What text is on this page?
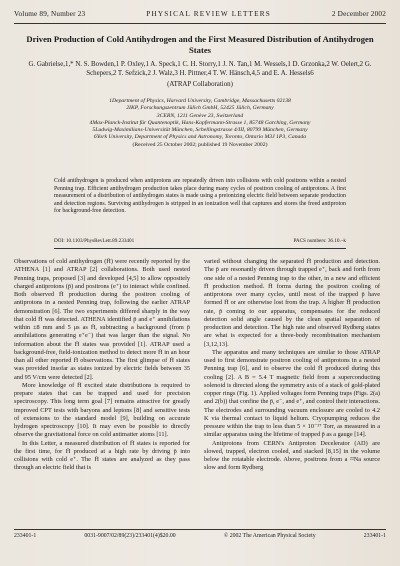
Volume 89, Number 23	PHYSICAL REVIEW LETTERS	2 December 2002
Driven Production of Cold Antihydrogen and the First Measured Distribution of Antihydrogen States
G. Gabrielse,1,* N. S. Bowden,1 P. Oxley,1 A. Speck,1 C. H. Storry,1 J. N. Tan,1 M. Wessels,1 D. Grzonka,2 W. Oelert,2 G. Schepers,2 T. Sefzick,2 J. Walz,3 H. Pittner,4 T. W. Hänsch,4,5 and E. A. Hessels6
(ATRAP Collaboration)
1Department of Physics, Harvard University, Cambridge, Massachusetts 02138
2IKP, Forschungszentrum Jülich GmbH, 52425 Jülich, Germany
3CERN, 1211 Genève 23, Switzerland
4Max-Planck-Institut für Quantenoptik, Hans-Kopfermann-Strasse 1, 85748 Garching, Germany
5Ludwig-Maximilians-Universität München, Schellingstrasse 4/III, 80799 München, Germany
6York University, Department of Physics and Astronomy, Toronto, Ontario M3J 1P3, Canada
(Received 25 October 2002; published 19 November 2002)
Cold antihydrogen is produced when antiprotons are repeatedly driven into collisions with cold positrons within a nested Penning trap. Efficient antihydrogen production takes place during many cycles of positron cooling of antiprotons. A first measurement of a distribution of antihydrogen states is made using a preionizing electric field between separate production and detection regions. Surviving antihydrogen is stripped in an ionization well that captures and stores the freed antiproton for background-free detection.
DOI: 10.1103/PhysRevLett.89.233401	PACS numbers: 36.10.–k

Observations of cold antihydrogen (H̄) were recently reported by the ATHENA [1] and ATRAP [2] collaborations. Both used nested Penning traps, proposed [3] and developed [4,5] to allow oppositely charged antiprotons (p̄) and positrons (e⁺) to interact while confined. Both observed H̄ production during the positron cooling of antiprotons in a nested Penning trap, following the earlier ATRAP demonstration [6]. The two experiments differed sharply in the way that cold H̄ was detected. ATHENA identified p̄ and e⁺ annihilations within ±8 mm and 5 μs as H̄, subtracting a background (from p̄ annihilations generating e⁺e⁻) that was larger than the signal. No information about the H̄ states was provided [1]. ATRAP used a background-free, field-ionization method to detect more H̄ in an hour than all other reported H̄ observations. The first glimpse of H̄ states was provided insofar as states ionized by electric fields between 35 and 95 V/cm were detected [2].

More knowledge of H̄ excited state distributions is required to prepare states that can be trapped and used for precision spectroscopy. This long term goal [7] remains attractive for greatly improved CPT tests with baryons and leptons [8] and sensitive tests of extensions to the standard model [9], building on accurate hydrogen spectroscopy [10]. It may even be possible to directly observe the gravitational force on cold antimatter atoms [11].

In this Letter, a measured distribution of H̄ states is reported for the first time, for H̄ produced at a high rate by driving p̄ into collisions with cold e⁺. The H̄ states are analyzed as they pass through an electric field that is

varied without changing the separated H̄ production and detection. The p̄ are resonantly driven through trapped e⁺, back and forth from one side of a nested Penning trap to the other, in a new and efficient H̄ production method. H̄ forms during the positron cooling of antiprotons over many cycles, until most of the trapped p̄ have formed H̄ or are otherwise lost from the trap. A higher H̄ production rate, p̄ coming to our apparatus, compensates for the reduced detection solid angle caused by the clean spatial separation of production and detection. The high rate and observed Rydberg states are what is expected for a three-body recombination mechanism [3,12,13].

The apparatus and many techniques are similar to those ATRAP used to first demonstrate positron cooling of antiprotons in a nested Penning trap [6], and to observe the cold H̄ produced during this cooling [2]. A B = 5.4 T magnetic field from a superconducting solenoid is directed along the symmetry axis of a stack of gold-plated copper rings (Fig. 1). Applied voltages form Penning traps (Figs. 2(a) and 2(b)) that confine the p̄, e⁻, and e⁺, and control their interactions. The electrodes and surrounding vacuum enclosure are cooled to 4.2 K via thermal contact to liquid helium. Cryopumping reduces the pressure within the trap to less than 5 × 10⁻¹⁷ Torr, as measured in a similar apparatus using the lifetime of trapped p̄ as a gauge [14].

Antiprotons from CERN's Antiproton Decelerator (AD) are slowed, trapped, electron cooled, and stacked [8,15] in the volume below the rotatable electrode. Above, positrons from a ²²Na source slow and form Rydberg

233401-1	0031-9007/02/89(23)/233401(4)$20.00	© 2002 The American Physical Society	233401-1
